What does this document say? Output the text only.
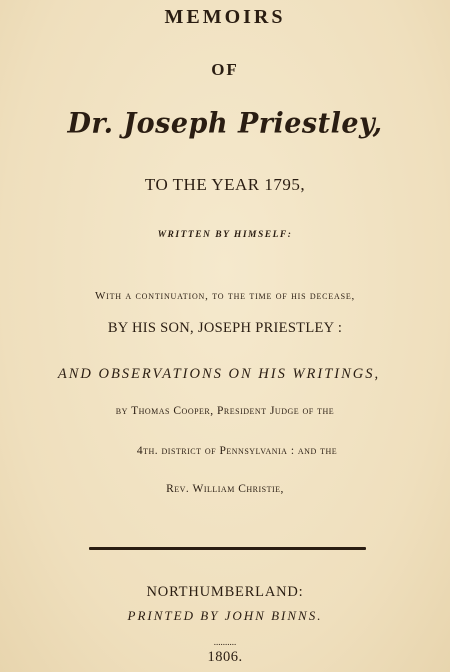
MEMOIRS
OF
Dr. Joseph Priestley,
TO THE YEAR 1795,
WRITTEN BY HIMSELF:
With a continuation, to the time of his decease,
BY HIS SON, JOSEPH PRIESTLEY :
AND OBSERVATIONS ON HIS WRITINGS,
by Thomas Cooper, President Judge of the
4th. district of Pennsylvania : and the
Rev. William Christie,
NORTHUMBERLAND:
PRINTED BY JOHN BINNS.
..........
1806.
